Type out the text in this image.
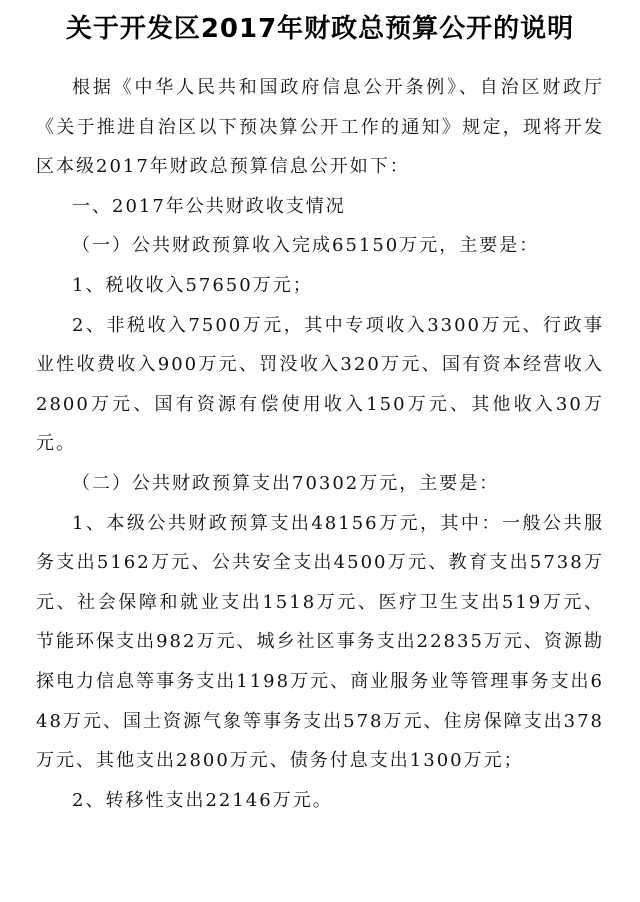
关于开发区2017年财政总预算公开的说明

根据《中华人民共和国政府信息公开条例》、自治区财政厅《关于推进自治区以下预决算公开工作的通知》规定，现将开发区本级2017年财政总预算信息公开如下：

一、2017年公共财政收支情况

（一）公共财政预算收入完成65150万元，主要是：

1、税收收入57650万元；

2、非税收入7500万元，其中专项收入3300万元、行政事业性收费收入900万元、罚没收入320万元、国有资本经营收入2800万元、国有资源有偿使用收入150万元、其他收入30万元。

（二）公共财政预算支出70302万元，主要是：

1、本级公共财政预算支出48156万元，其中：一般公共服务支出5162万元、公共安全支出4500万元、教育支出5738万元、社会保障和就业支出1518万元、医疗卫生支出519万元、节能环保支出982万元、城乡社区事务支出22835万元、资源勘探电力信息等事务支出1198万元、商业服务业等管理事务支出648万元、国土资源气象等事务支出578万元、住房保障支出378万元、其他支出2800万元、债务付息支出1300万元；

2、转移性支出22146万元。
